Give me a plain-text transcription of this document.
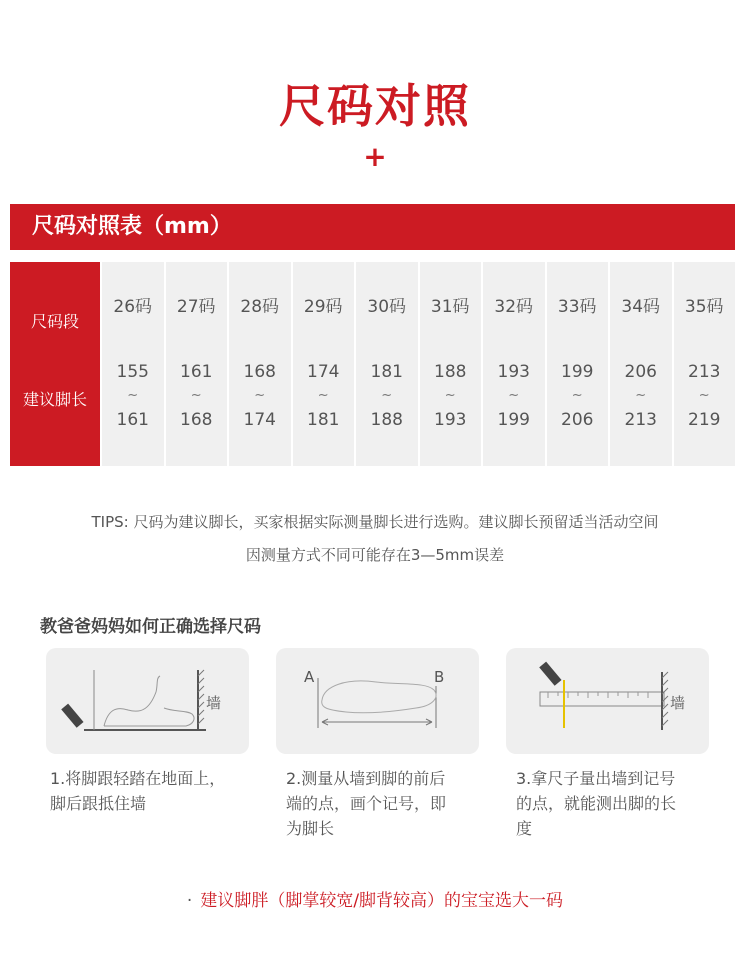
尺码对照
+
尺码对照表（mm）
尺码段
建议脚长
26码
155
~
161
27码
161
~
168
28码
168
~
174
29码
174
~
181
30码
181
~
188
31码
188
~
193
32码
193
~
199
33码
199
~
206
34码
206
~
213
35码
213
~
219
TIPS: 尺码为建议脚长，买家根据实际测量脚长进行选购。建议脚长预留适当活动空间
因测量方式不同可能存在3—5mm误差
教爸爸妈妈如何正确选择尺码
墙
A	B
墙
1.将脚跟轻踏在地面上，
脚后跟抵住墙
2.测量从墙到脚的前后
端的点，画个记号，即
为脚长
3.拿尺子量出墙到记号
的点，就能测出脚的长
度
· 建议脚胖（脚掌较宽/脚背较高）的宝宝选大一码
